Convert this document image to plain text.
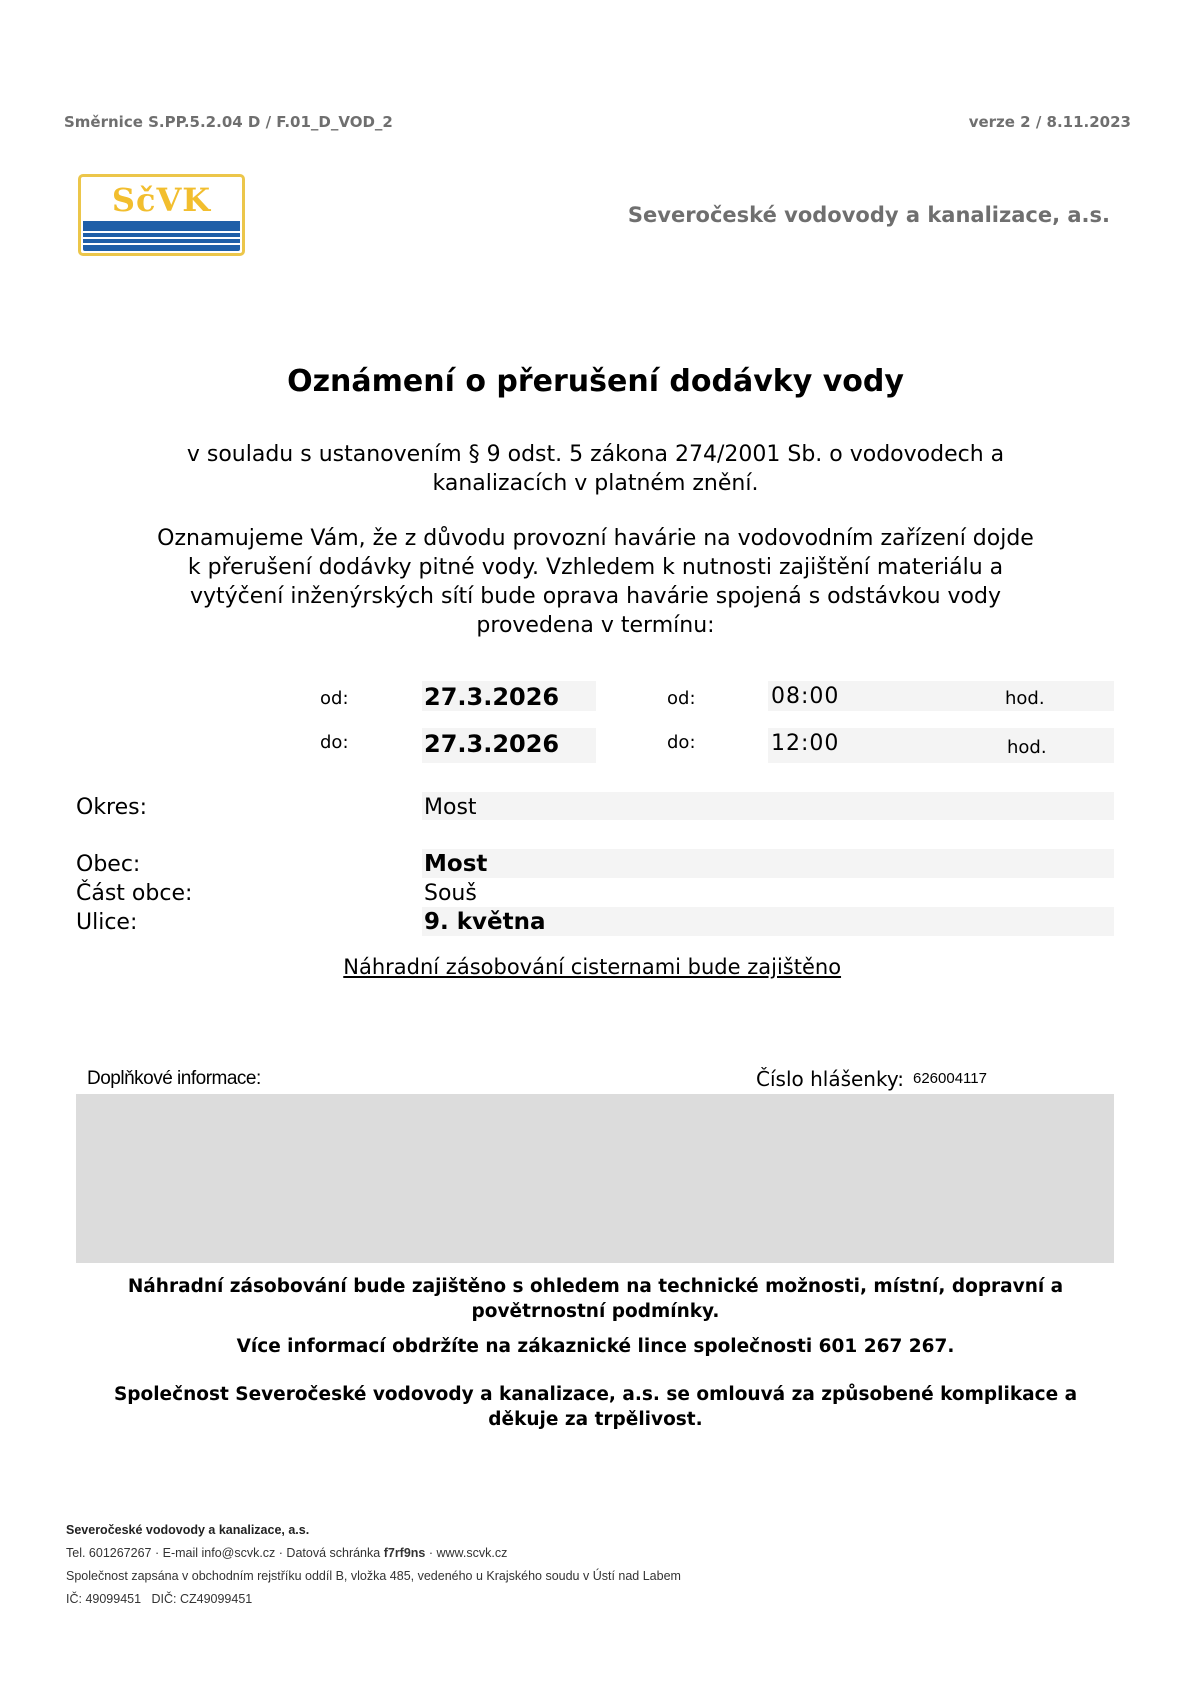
Směrnice S.PP.5.2.04 D / F.01_D_VOD_2	verze 2 / 8.11.2023
SčVK	Severočeské vodovody a kanalizace, a.s.
Oznámení o přerušení dodávky vody
v souladu s ustanovením § 9 odst. 5 zákona 274/2001 Sb. o vodovodech a
kanalizacích v platném znění.
Oznamujeme Vám, že z důvodu provozní havárie na vodovodním zařízení dojde
k přerušení dodávky pitné vody. Vzhledem k nutnosti zajištění materiálu a
vytýčení inženýrských sítí bude oprava havárie spojená s odstávkou vody
provedena v termínu:
od:	27.3.2026	od:	08:00	hod.
do:	27.3.2026	do:	12:00	hod.
Okres:	Most
Obec:	Most
Část obce:	Souš
Ulice:	9. května
Náhradní zásobování cisternami bude zajištěno
Doplňkové informace:	Číslo hlášenky: 626004117
Náhradní zásobování bude zajištěno s ohledem na technické možnosti, místní, dopravní a
povětrnostní podmínky.
Více informací obdržíte na zákaznické lince společnosti 601 267 267.
Společnost Severočeské vodovody a kanalizace, a.s. se omlouvá za způsobené komplikace a
děkuje za trpělivost.
Severočeské vodovody a kanalizace, a.s.
Tel. 601267267 · E-mail info@scvk.cz · Datová schránka f7rf9ns · www.scvk.cz
Společnost zapsána v obchodním rejstříku oddíl B, vložka 485, vedeného u Krajského soudu v Ústí nad Labem
IČ: 49099451   DIČ: CZ49099451
